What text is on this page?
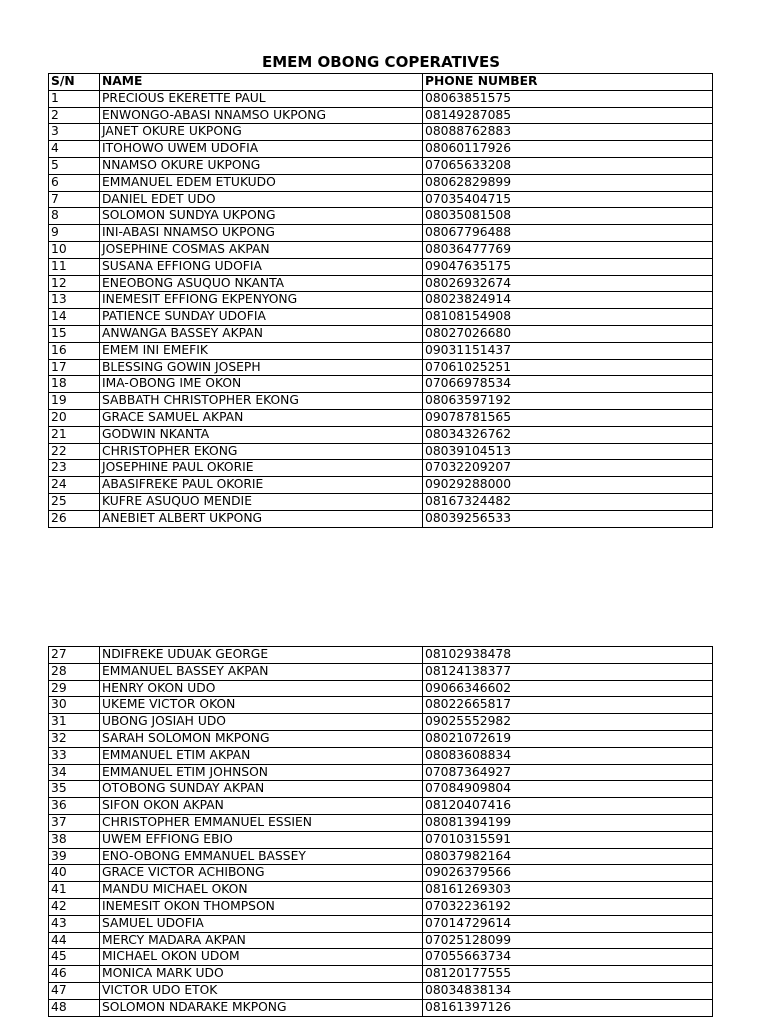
EMEM OBONG COPERATIVES
S/N	NAME	PHONE NUMBER
1	PRECIOUS EKERETTE PAUL	08063851575
2	ENWONGO-ABASI NNAMSO UKPONG	08149287085
3	JANET OKURE UKPONG	08088762883
4	ITOHOWO UWEM UDOFIA	08060117926
5	NNAMSO OKURE UKPONG	07065633208
6	EMMANUEL EDEM ETUKUDO	08062829899
7	DANIEL EDET UDO	07035404715
8	SOLOMON SUNDYA UKPONG	08035081508
9	INI-ABASI NNAMSO UKPONG	08067796488
10	JOSEPHINE COSMAS AKPAN	08036477769
11	SUSANA EFFIONG UDOFIA	09047635175
12	ENEOBONG ASUQUO NKANTA	08026932674
13	INEMESIT EFFIONG EKPENYONG	08023824914
14	PATIENCE SUNDAY UDOFIA	08108154908
15	ANWANGA BASSEY AKPAN	08027026680
16	EMEM INI EMEFIK	09031151437
17	BLESSING GOWIN JOSEPH	07061025251
18	IMA-OBONG IME OKON	07066978534
19	SABBATH CHRISTOPHER EKONG	08063597192
20	GRACE SAMUEL AKPAN	09078781565
21	GODWIN NKANTA	08034326762
22	CHRISTOPHER EKONG	08039104513
23	JOSEPHINE PAUL OKORIE	07032209207
24	ABASIFREKE PAUL OKORIE	09029288000
25	KUFRE ASUQUO MENDIE	08167324482
26	ANEBIET ALBERT UKPONG	08039256533
27	NDIFREKE UDUAK GEORGE	08102938478
28	EMMANUEL BASSEY AKPAN	08124138377
29	HENRY OKON UDO	09066346602
30	UKEME VICTOR OKON	08022665817
31	UBONG JOSIAH UDO	09025552982
32	SARAH SOLOMON MKPONG	08021072619
33	EMMANUEL ETIM AKPAN	08083608834
34	EMMANUEL ETIM JOHNSON	07087364927
35	OTOBONG SUNDAY AKPAN	07084909804
36	SIFON OKON AKPAN	08120407416
37	CHRISTOPHER EMMANUEL ESSIEN	08081394199
38	UWEM EFFIONG EBIO	07010315591
39	ENO-OBONG EMMANUEL BASSEY	08037982164
40	GRACE VICTOR ACHIBONG	09026379566
41	MANDU MICHAEL OKON	08161269303
42	INEMESIT OKON THOMPSON	07032236192
43	SAMUEL UDOFIA	07014729614
44	MERCY MADARA AKPAN	07025128099
45	MICHAEL OKON UDOM	07055663734
46	MONICA MARK UDO	08120177555
47	VICTOR UDO ETOK	08034838134
48	SOLOMON NDARAKE MKPONG	08161397126
